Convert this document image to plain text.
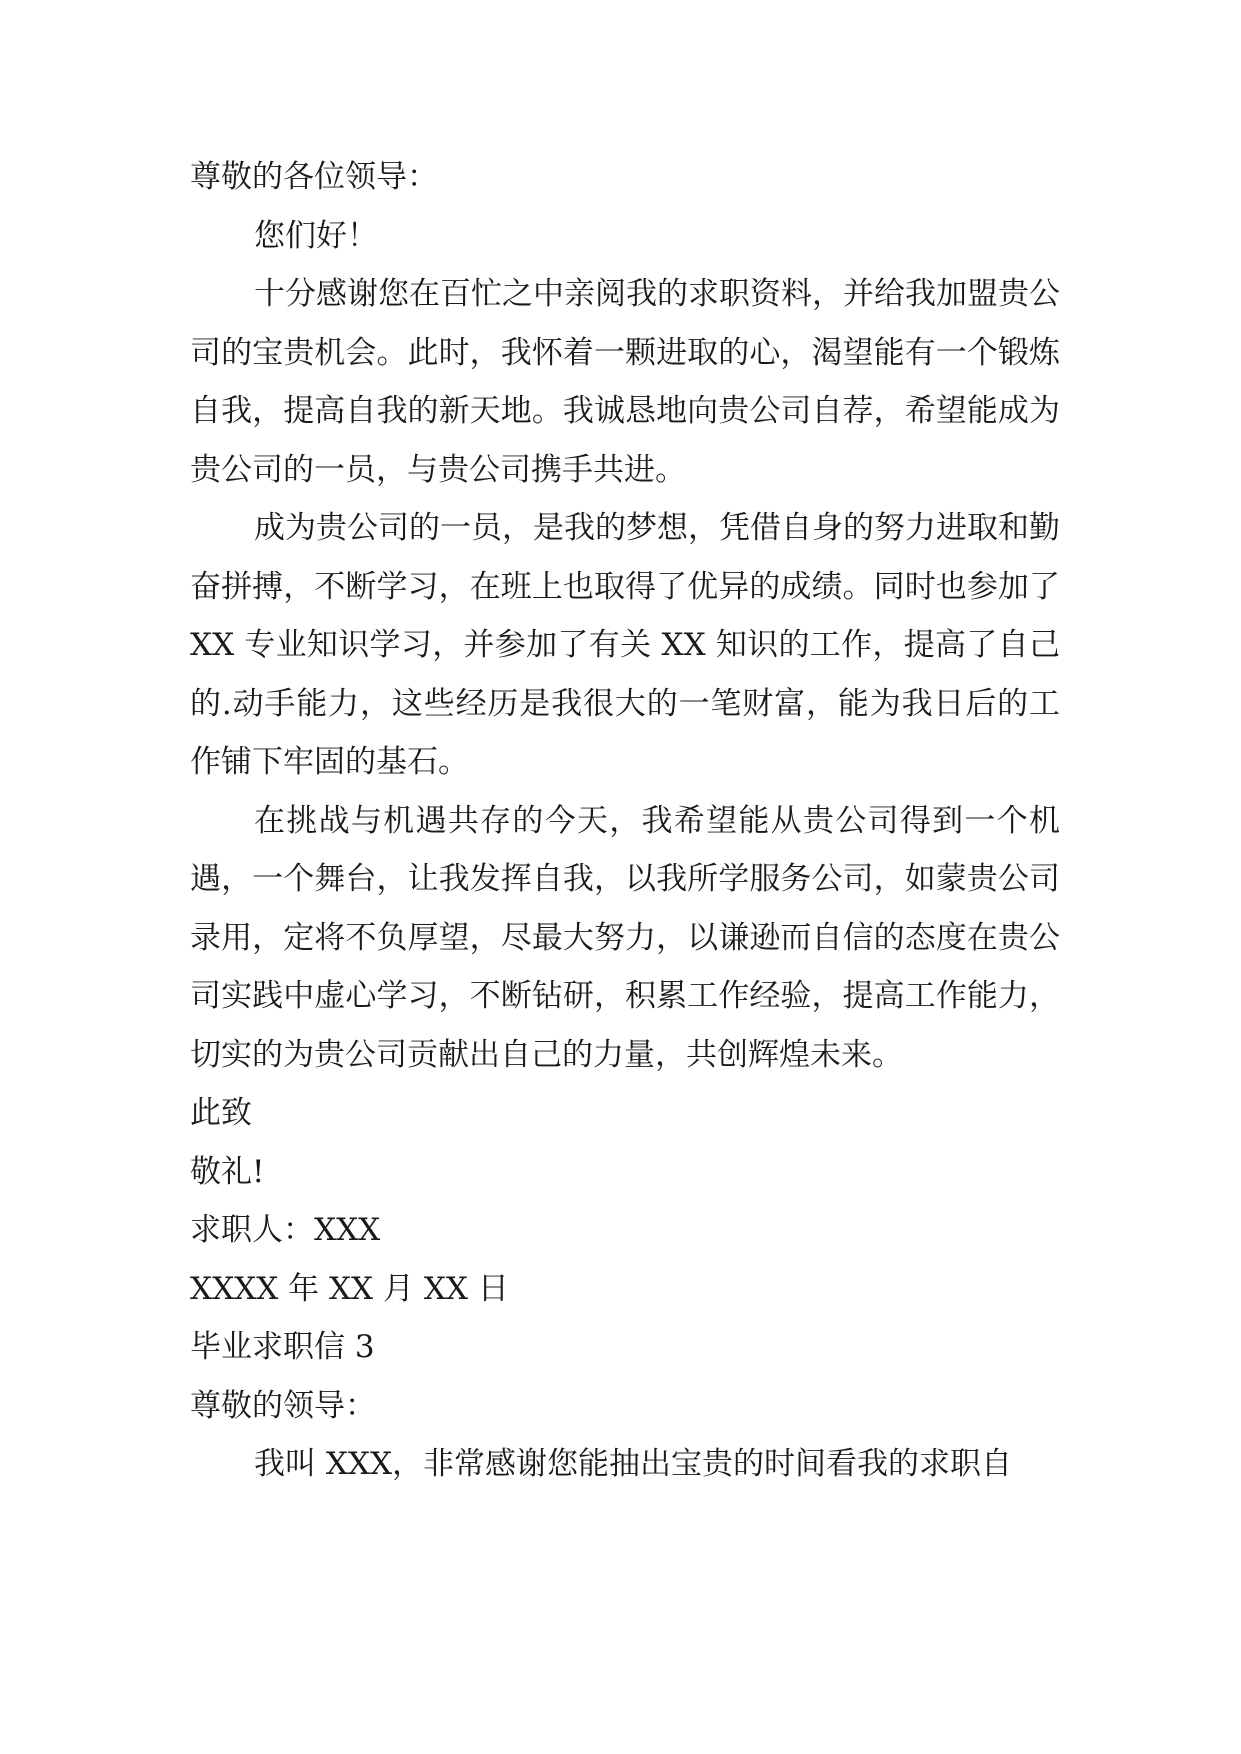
尊敬的各位领导：
您们好！
十分感谢您在百忙之中亲阅我的求职资料，并给我加盟贵公司的宝贵机会。此时，我怀着一颗进取的心，渴望能有一个锻炼自我，提高自我的新天地。我诚恳地向贵公司自荐，希望能成为贵公司的一员，与贵公司携手共进。
成为贵公司的一员，是我的梦想，凭借自身的努力进取和勤奋拼搏，不断学习，在班上也取得了优异的成绩。同时也参加了 XX 专业知识学习，并参加了有关 XX 知识的工作，提高了自己的.动手能力，这些经历是我很大的一笔财富，能为我日后的工作铺下牢固的基石。
在挑战与机遇共存的今天，我希望能从贵公司得到一个机遇，一个舞台，让我发挥自我，以我所学服务公司，如蒙贵公司录用，定将不负厚望，尽最大努力，以谦逊而自信的态度在贵公司实践中虚心学习，不断钻研，积累工作经验，提高工作能力，切实的为贵公司贡献出自己的力量，共创辉煌未来。
此致
敬礼!
求职人：XXX
XXXX 年 XX 月 XX 日
毕业求职信 3
尊敬的领导：
我叫 XXX，非常感谢您能抽出宝贵的时间看我的求职自
